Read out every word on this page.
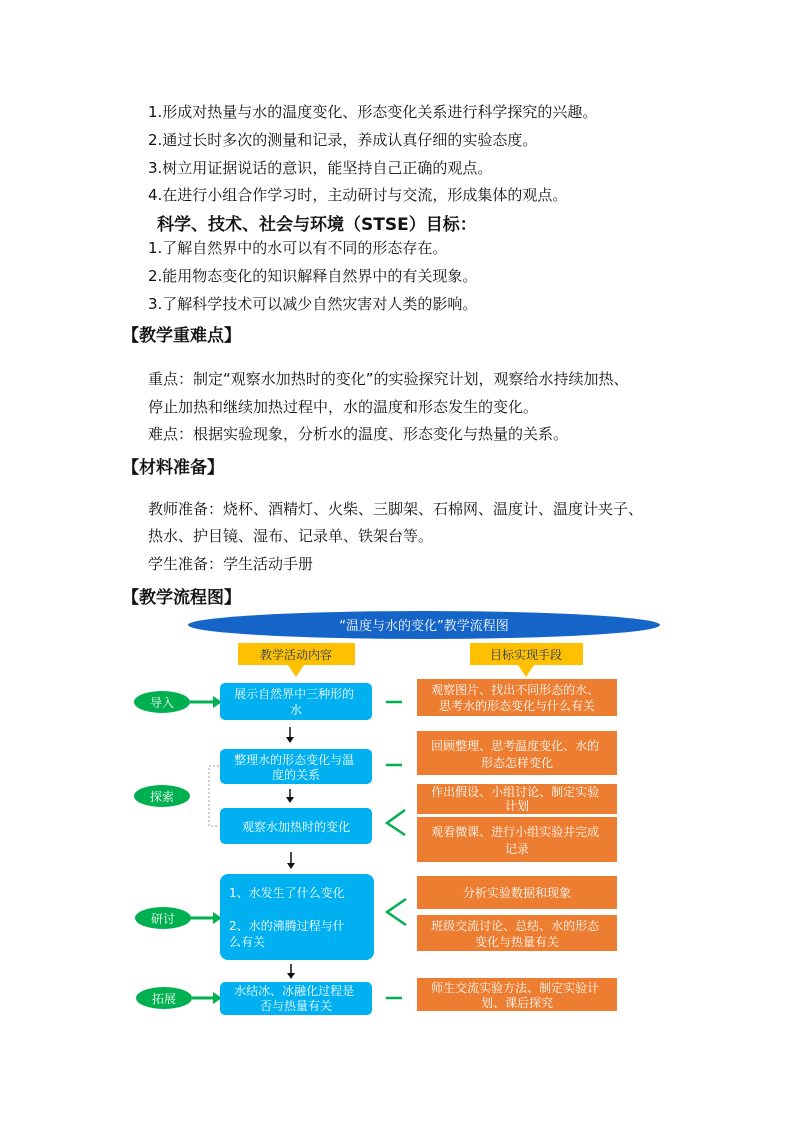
1.形成对热量与水的温度变化、形态变化关系进行科学探究的兴趣。
2.通过长时多次的测量和记录，养成认真仔细的实验态度。
3.树立用证据说话的意识，能坚持自己正确的观点。
4.在进行小组合作学习时，主动研讨与交流，形成集体的观点。
科学、技术、社会与环境（STSE）目标：
1.了解自然界中的水可以有不同的形态存在。
2.能用物态变化的知识解释自然界中的有关现象。
3.了解科学技术可以减少自然灾害对人类的影响。
【教学重难点】
重点：制定“观察水加热时的变化”的实验探究计划，观察给水持续加热、
停止加热和继续加热过程中，水的温度和形态发生的变化。
难点：根据实验现象，分析水的温度、形态变化与热量的关系。
【材料准备】
教师准备：烧杯、酒精灯、火柴、三脚架、石棉网、温度计、温度计夹子、
热水、护目镜、湿布、记录单、铁架台等。
学生准备：学生活动手册
【教学流程图】
“温度与水的变化”教学流程图
教学活动内容	目标实现手段
导入
探索
研讨
拓展
展示自然界中三种形的 水
整理水的形态变化与温 度的关系
观察水加热时的变化
1、水发生了什么变化
2、水的沸腾过程与什 么有关
水结冰、冰融化过程是 否与热量有关
观察图片、找出不同形态的水、 思考水的形态变化与什么有关
回顾整理、思考温度变化、水的 形态怎样变化
作出假设、小组讨论、制定实验 计划
观看微课、进行小组实验并完成 记录
分析实验数据和现象
班级交流讨论、总结、水的形态 变化与热量有关
师生交流实验方法、制定实验计 划、课后探究
